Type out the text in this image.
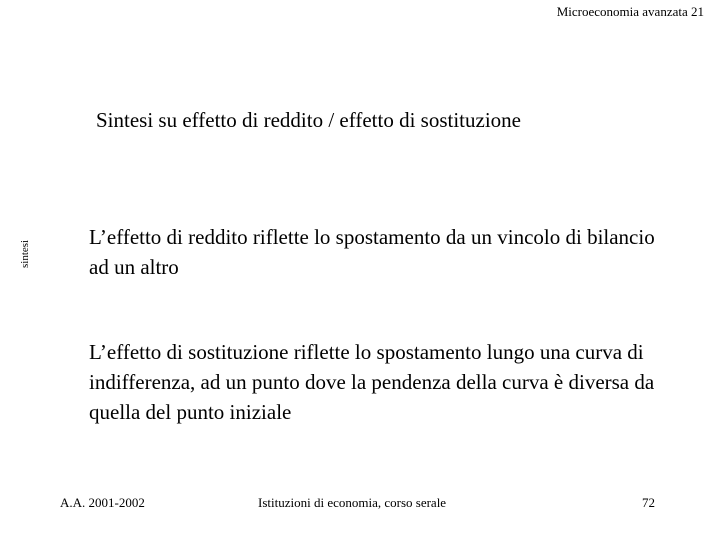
Microeconomia avanzata 21
sintesi
Sintesi su effetto di reddito / effetto di sostituzione
L’effetto di reddito riflette lo spostamento da un vincolo di bilancio ad un altro
L’effetto di sostituzione riflette lo spostamento lungo una curva di indifferenza, ad un punto dove la pendenza della curva è diversa da quella del punto iniziale
A.A. 2001-2002	Istituzioni di economia, corso serale	72
